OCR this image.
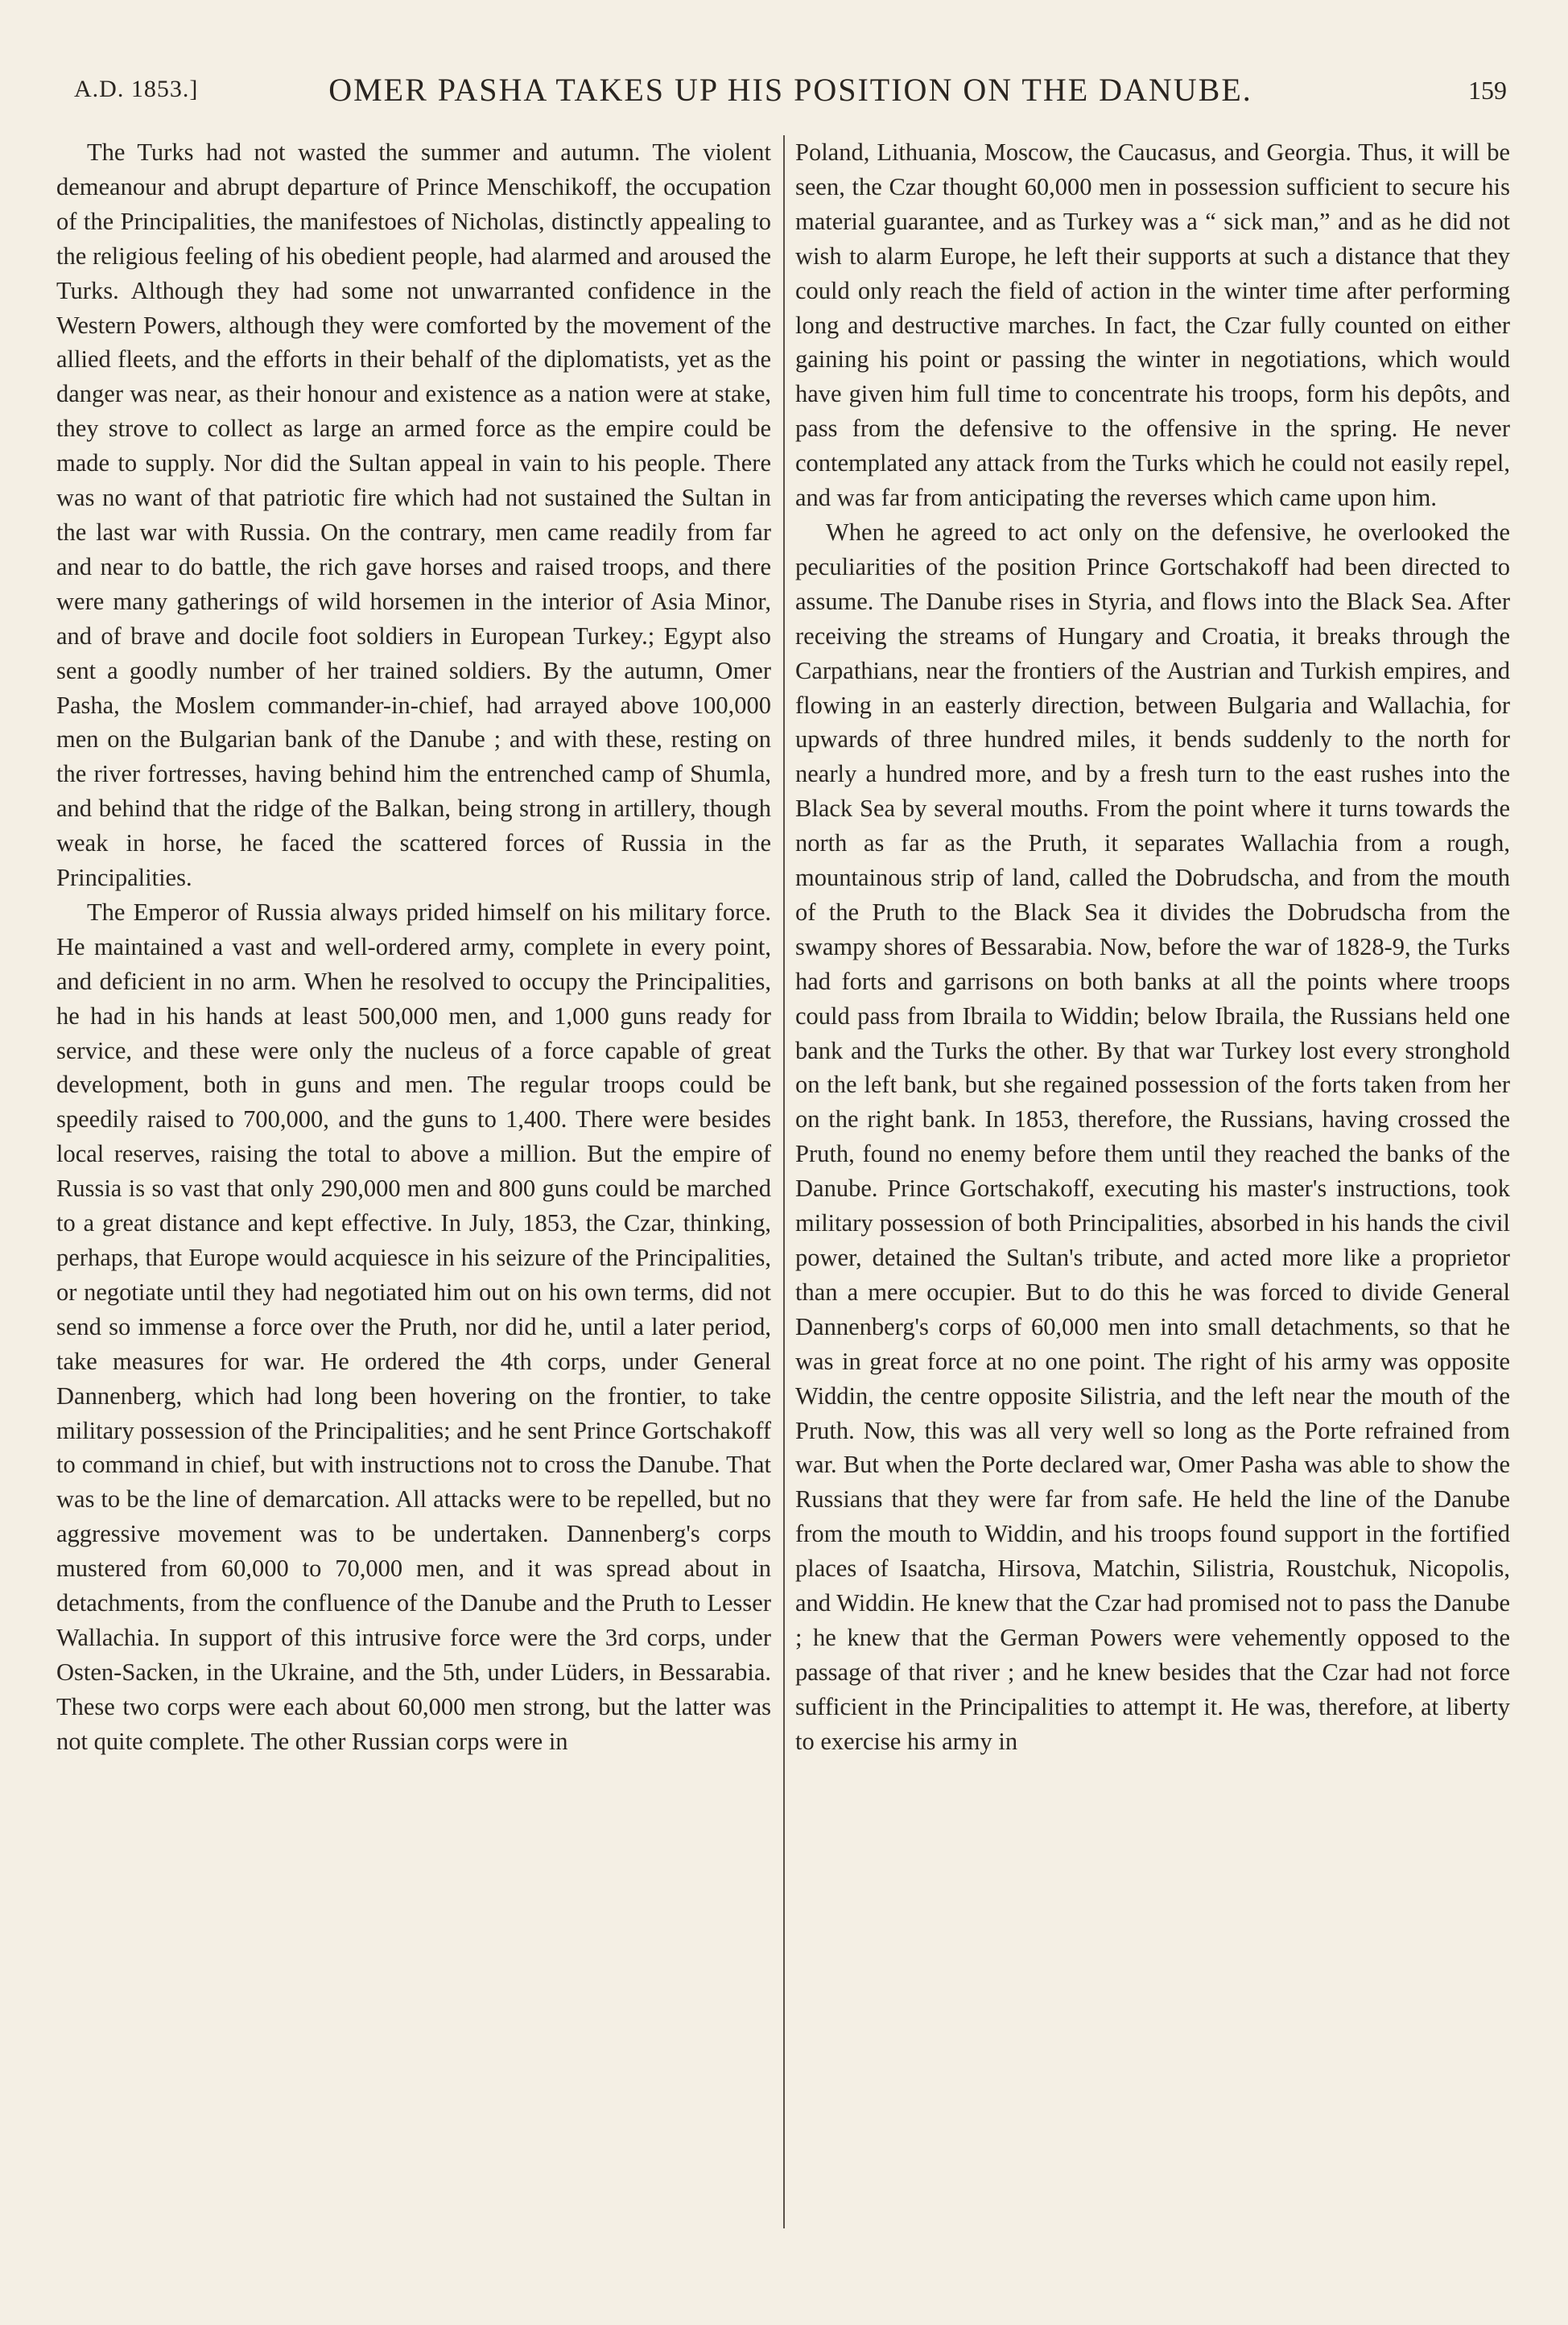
A.D. 1853.]	OMER PASHA TAKES UP HIS POSITION ON THE DANUBE.	159

The Turks had not wasted the summer and autumn. The violent demeanour and abrupt departure of Prince Menschikoff, the occupation of the Principalities, the manifestoes of Nicholas, distinctly appealing to the religious feeling of his obedient people, had alarmed and aroused the Turks. Although they had some not unwarranted confidence in the Western Powers, although they were comforted by the movement of the allied fleets, and the efforts in their behalf of the diplomatists, yet as the danger was near, as their honour and existence as a nation were at stake, they strove to collect as large an armed force as the empire could be made to supply. Nor did the Sultan appeal in vain to his people. There was no want of that patriotic fire which had not sustained the Sultan in the last war with Russia. On the contrary, men came readily from far and near to do battle, the rich gave horses and raised troops, and there were many gatherings of wild horsemen in the interior of Asia Minor, and of brave and docile foot soldiers in European Turkey.; Egypt also sent a goodly number of her trained soldiers. By the autumn, Omer Pasha, the Moslem commander-in-chief, had arrayed above 100,000 men on the Bulgarian bank of the Danube ; and with these, resting on the river fortresses, having behind him the entrenched camp of Shumla, and behind that the ridge of the Balkan, being strong in artillery, though weak in horse, he faced the scattered forces of Russia in the Principalities.

The Emperor of Russia always prided himself on his military force. He maintained a vast and well-ordered army, complete in every point, and deficient in no arm. When he resolved to occupy the Principalities, he had in his hands at least 500,000 men, and 1,000 guns ready for service, and these were only the nucleus of a force capable of great development, both in guns and men. The regular troops could be speedily raised to 700,000, and the guns to 1,400. There were besides local reserves, raising the total to above a million. But the empire of Russia is so vast that only 290,000 men and 800 guns could be marched to a great distance and kept effective. In July, 1853, the Czar, thinking, perhaps, that Europe would acquiesce in his seizure of the Principalities, or negotiate until they had negotiated him out on his own terms, did not send so immense a force over the Pruth, nor did he, until a later period, take measures for war. He ordered the 4th corps, under General Dannenberg, which had long been hovering on the frontier, to take military possession of the Principalities; and he sent Prince Gortschakoff to command in chief, but with instructions not to cross the Danube. That was to be the line of demarcation. All attacks were to be repelled, but no aggressive movement was to be undertaken. Dannenberg's corps mustered from 60,000 to 70,000 men, and it was spread about in detachments, from the confluence of the Danube and the Pruth to Lesser Wallachia. In support of this intrusive force were the 3rd corps, under Osten-Sacken, in the Ukraine, and the 5th, under Lüders, in Bessarabia. These two corps were each about 60,000 men strong, but the latter was not quite complete. The other Russian corps were in

Poland, Lithuania, Moscow, the Caucasus, and Georgia. Thus, it will be seen, the Czar thought 60,000 men in possession sufficient to secure his material guarantee, and as Turkey was a “ sick man,” and as he did not wish to alarm Europe, he left their supports at such a distance that they could only reach the field of action in the winter time after performing long and destructive marches. In fact, the Czar fully counted on either gaining his point or passing the winter in negotiations, which would have given him full time to concentrate his troops, form his depôts, and pass from the defensive to the offensive in the spring. He never contemplated any attack from the Turks which he could not easily repel, and was far from anticipating the reverses which came upon him.

When he agreed to act only on the defensive, he overlooked the peculiarities of the position Prince Gortschakoff had been directed to assume. The Danube rises in Styria, and flows into the Black Sea. After receiving the streams of Hungary and Croatia, it breaks through the Carpathians, near the frontiers of the Austrian and Turkish empires, and flowing in an easterly direction, between Bulgaria and Wallachia, for upwards of three hundred miles, it bends suddenly to the north for nearly a hundred more, and by a fresh turn to the east rushes into the Black Sea by several mouths. From the point where it turns towards the north as far as the Pruth, it separates Wallachia from a rough, mountainous strip of land, called the Dobrudscha, and from the mouth of the Pruth to the Black Sea it divides the Dobrudscha from the swampy shores of Bessarabia. Now, before the war of 1828-9, the Turks had forts and garrisons on both banks at all the points where troops could pass from Ibraila to Widdin; below Ibraila, the Russians held one bank and the Turks the other. By that war Turkey lost every stronghold on the left bank, but she regained possession of the forts taken from her on the right bank. In 1853, therefore, the Russians, having crossed the Pruth, found no enemy before them until they reached the banks of the Danube. Prince Gortschakoff, executing his master's instructions, took military possession of both Principalities, absorbed in his hands the civil power, detained the Sultan's tribute, and acted more like a proprietor than a mere occupier. But to do this he was forced to divide General Dannenberg's corps of 60,000 men into small detachments, so that he was in great force at no one point. The right of his army was opposite Widdin, the centre opposite Silistria, and the left near the mouth of the Pruth. Now, this was all very well so long as the Porte refrained from war. But when the Porte declared war, Omer Pasha was able to show the Russians that they were far from safe. He held the line of the Danube from the mouth to Widdin, and his troops found support in the fortified places of Isaatcha, Hirsova, Matchin, Silistria, Roustchuk, Nicopolis, and Widdin. He knew that the Czar had promised not to pass the Danube ; he knew that the German Powers were vehemently opposed to the passage of that river ; and he knew besides that the Czar had not force sufficient in the Principalities to attempt it. He was, therefore, at liberty to exercise his army in
